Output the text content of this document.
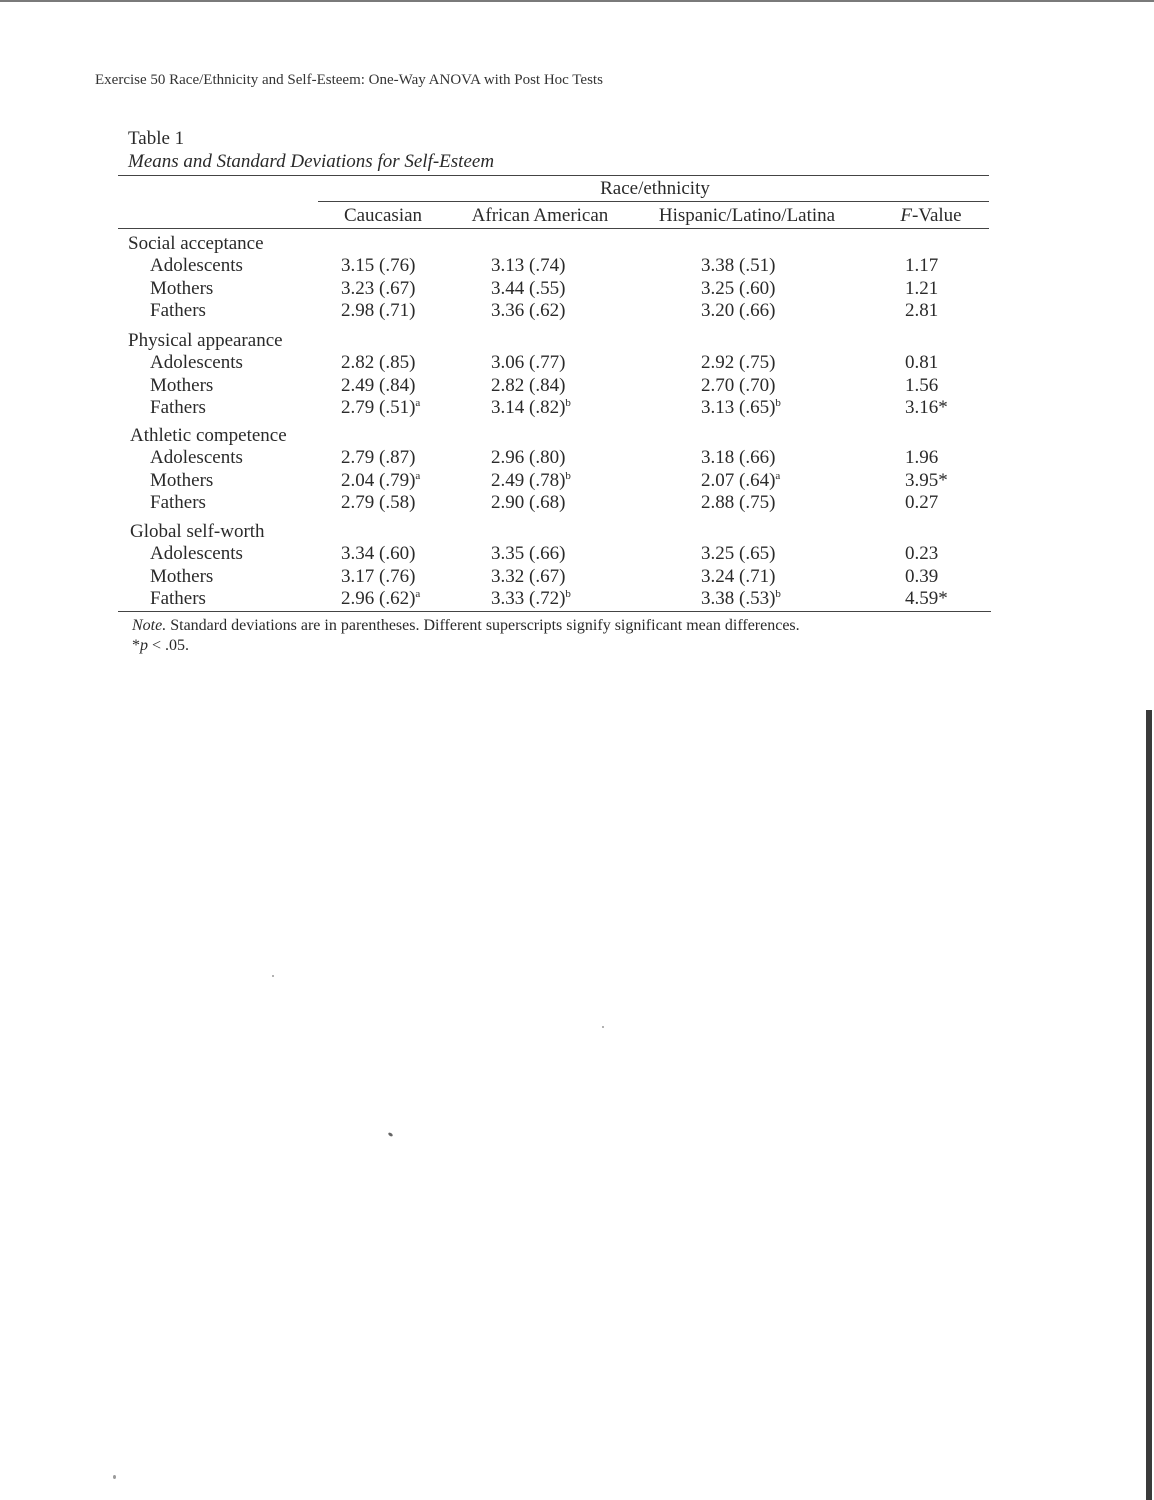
Exercise 50 Race/Ethnicity and Self-Esteem: One-Way ANOVA with Post Hoc Tests
Table 1
Means and Standard Deviations for Self-Esteem
Race/ethnicity
Caucasian	African American	Hispanic/Latino/Latina	F-Value
Social acceptance
Adolescents	3.15 (.76)	3.13 (.74)	3.38 (.51)	1.17
Mothers	3.23 (.67)	3.44 (.55)	3.25 (.60)	1.21
Fathers	2.98 (.71)	3.36 (.62)	3.20 (.66)	2.81
Physical appearance
Adolescents	2.82 (.85)	3.06 (.77)	2.92 (.75)	0.81
Mothers	2.49 (.84)	2.82 (.84)	2.70 (.70)	1.56
Fathers	2.79 $(.51)^a$	3.14 $(.82)^b$	3.13 $(.65)^b$	3.16*
Athletic competence
Adolescents	2.79 (.87)	2.96 (.80)	3.18 (.66)	1.96
Mothers	2.04 $(.79)^a$	2.49 $(.78)^b$	2.07 $(.64)^a$	3.95*
Fathers	2.79 (.58)	2.90 (.68)	2.88 (.75)	0.27
Global self-worth
Adolescents	3.34 (.60)	3.35 (.66)	3.25 (.65)	0.23
Mothers	3.17 (.76)	3.32 (.67)	3.24 (.71)	0.39
Fathers	2.96 $(.62)^a$	3.33 $(.72)^b$	3.38 $(.53)^b$	4.59*
Note. Standard deviations are in parentheses. Different superscripts signify significant mean differences.
*p < .05.
